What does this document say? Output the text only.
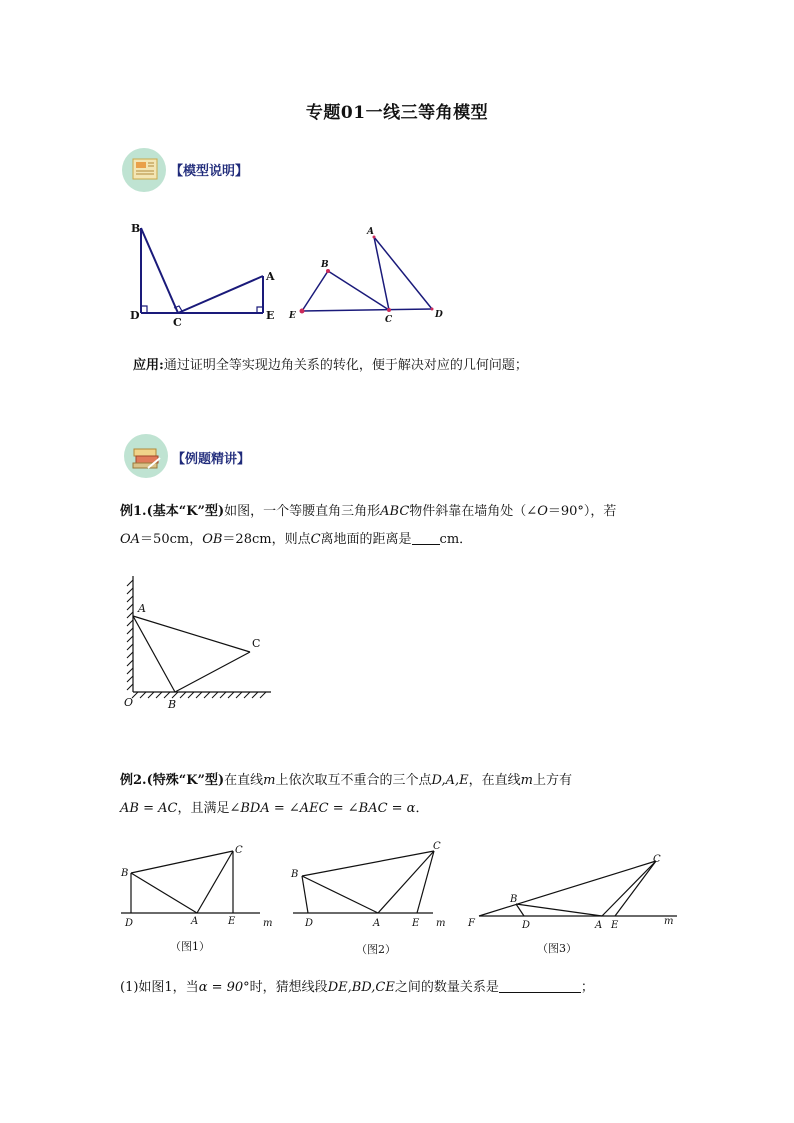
专题01一线三等角模型
【模型说明】
B
A
D
C
E
A
B
E	C	D
应用:通过证明全等实现边角关系的转化，便于解决对应的几何问题；
【例题精讲】
例1.(基本“K”型)如图，一个等腰直角三角形ABC物件斜靠在墙角处（∠O＝90°），若
OA＝50cm，OB＝28cm，则点C离地面的距离是 cm．
A
C
O	B
例2.(特殊“K”型)在直线m上依次取互不重合的三个点D,A,E，在直线m上方有
AB = AC，且满足∠BDA = ∠AEC = ∠BAC = α．
C
B
D	A	E	m
（图1）
C
B
D	A	E m
（图2）
C
B
F	D	A E	m
（图3）
(1)如图1，当α = 90°时，猜想线段DE,BD,CE之间的数量关系是	；
